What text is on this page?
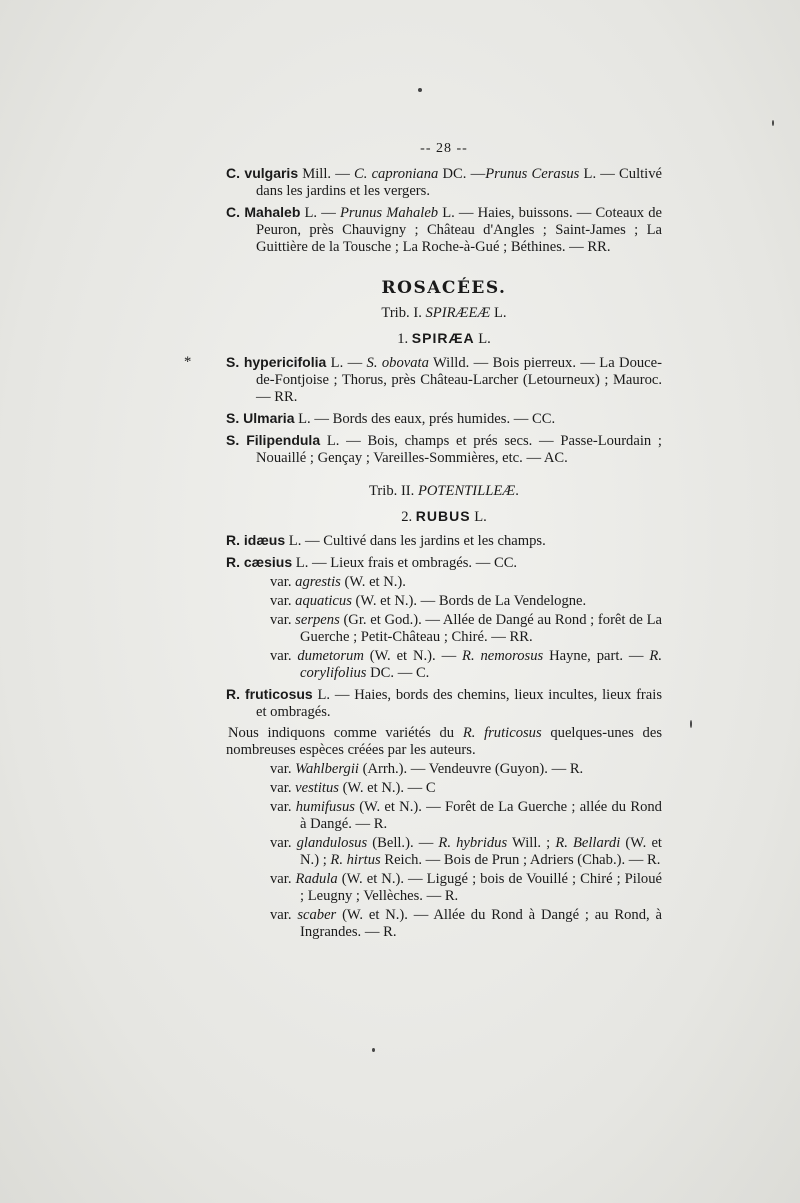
-- 28 --
C. vulgaris Mill. — C. caproniana DC. —Prunus Cerasus L. — Cultivé dans les jardins et les vergers.
C. Mahaleb L. — Prunus Mahaleb L. — Haies, buissons. — Coteaux de Peuron, près Chauvigny ; Château d'Angles ; Saint-James ; La Guittière de la Tousche ; La Roche-à-Gué ; Béthines. — RR.
ROSACÉES.
Trib. I. SPIRÆEÆ L.
1. SPIRÆA L.
*	S. hypericifolia L. — S. obovata Willd. — Bois pierreux. — La Douce-de-Fontjoise ; Thorus, près Château-Larcher (Letourneux) ; Mauroc. — RR.
S. Ulmaria L. — Bords des eaux, prés humides. — CC.
S. Filipendula L. — Bois, champs et prés secs. — Passe-Lourdain ; Nouaillé ; Gençay ; Vareilles-Sommières, etc. — AC.
Trib. II. POTENTILLEÆ.
2. RUBUS L.
R. idæus L. — Cultivé dans les jardins et les champs.
R. cæsius L. — Lieux frais et ombragés. — CC.
var. agrestis (W. et N.).
var. aquaticus (W. et N.). — Bords de La Vendelogne.
var. serpens (Gr. et God.). — Allée de Dangé au Rond ; forêt de La Guerche ; Petit-Château ; Chiré. — RR.
var. dumetorum (W. et N.). — R. nemorosus Hayne, part. — R. corylifolius DC. — C.
R. fruticosus L. — Haies, bords des chemins, lieux incultes, lieux frais et ombragés.
Nous indiquons comme variétés du R. fruticosus quelques-unes des nombreuses espèces créées par les auteurs.
var. Wahlbergii (Arrh.). — Vendeuvre (Guyon). — R.
var. vestitus (W. et N.). — C
var. humifusus (W. et N.). — Forêt de La Guerche ; allée du Rond à Dangé. — R.
var. glandulosus (Bell.). — R. hybridus Will. ; R. Bellardi (W. et N.) ; R. hirtus Reich. — Bois de Prun ; Adriers (Chab.). — R.
var. Radula (W. et N.). — Ligugé ; bois de Vouillé ; Chiré ; Piloué ; Leugny ; Vellèches. — R.
var. scaber (W. et N.). — Allée du Rond à Dangé ; au Rond, à Ingrandes. — R.
